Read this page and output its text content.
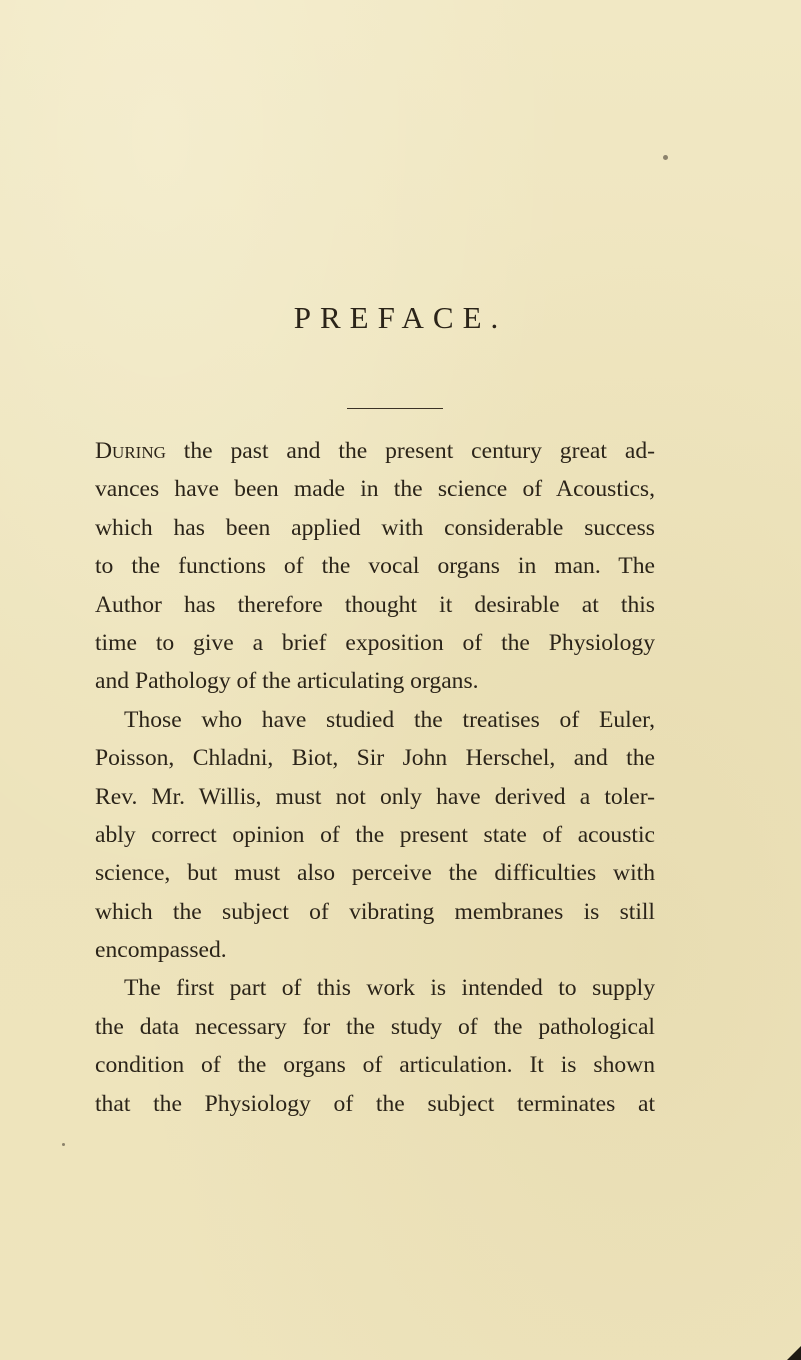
PREFACE.
During the past and the present century great ad-
vances have been made in the science of Acoustics,
which has been applied with considerable success
to the functions of the vocal organs in man. The
Author has therefore thought it desirable at this
time to give a brief exposition of the Physiology
and Pathology of the articulating organs.
Those who have studied the treatises of Euler,
Poisson, Chladni, Biot, Sir John Herschel, and the
Rev. Mr. Willis, must not only have derived a toler-
ably correct opinion of the present state of acoustic
science, but must also perceive the difficulties with
which the subject of vibrating membranes is still
encompassed.
The first part of this work is intended to supply
the data necessary for the study of the pathological
condition of the organs of articulation. It is shown
that the Physiology of the subject terminates at
